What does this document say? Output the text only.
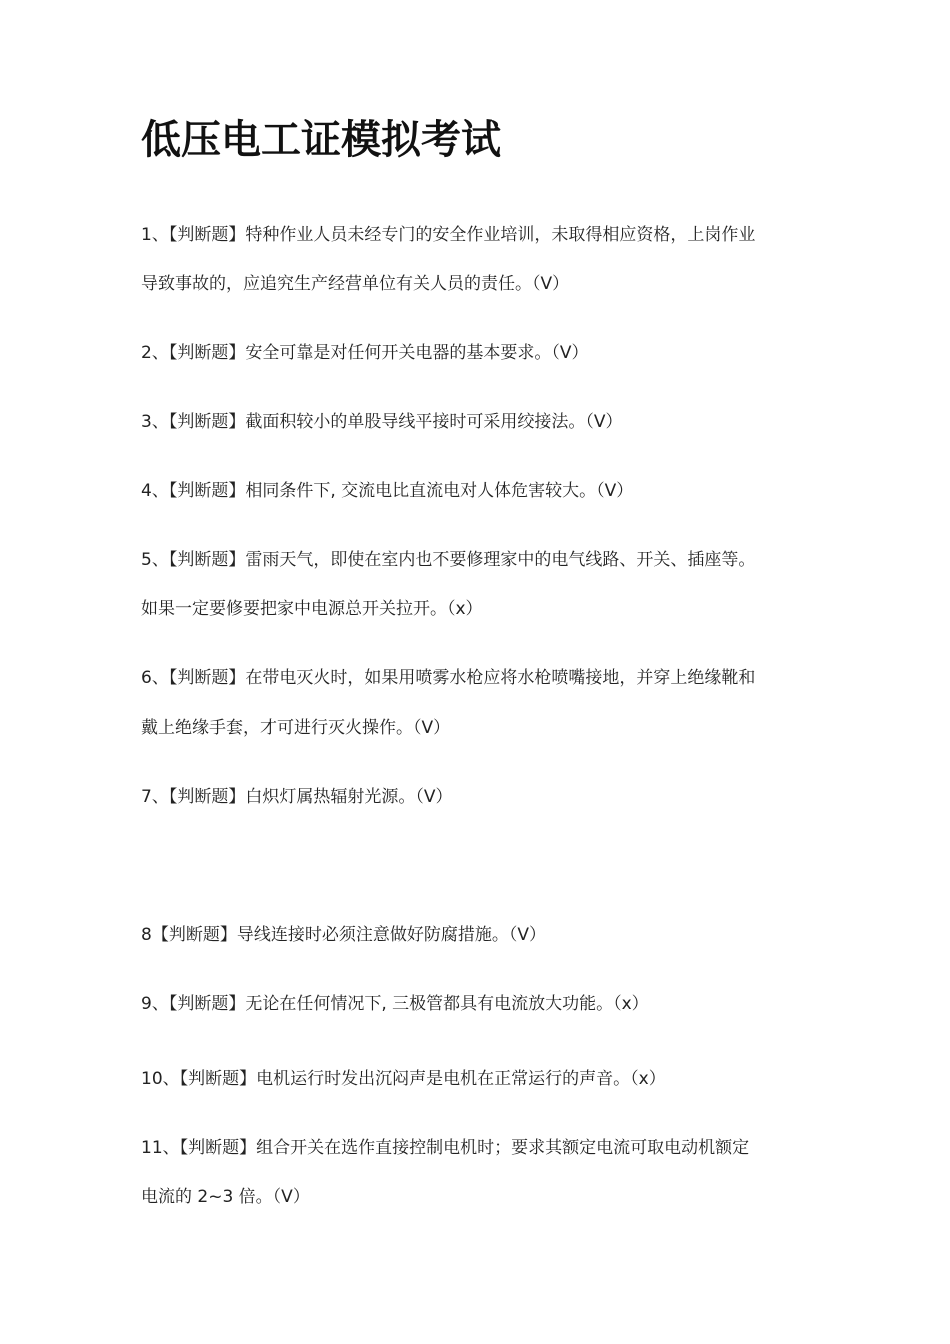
低压电工证模拟考试

1、【判断题】特种作业人员未经专门的安全作业培训，未取得相应资格，上岗作业

导致事故的，应追究生产经营单位有关人员的责任。（V）

2、【判断题】安全可靠是对任何开关电器的基本要求。（V）

3、【判断题】截面积较小的单股导线平接时可采用绞接法。（V）

4、【判断题】相同条件下, 交流电比直流电对人体危害较大。（V）

5、【判断题】雷雨天气，即使在室内也不要修理家中的电气线路、开关、插座等。

如果一定要修要把家中电源总开关拉开。（x）

6、【判断题】在带电灭火时，如果用喷雾水枪应将水枪喷嘴接地，并穿上绝缘靴和

戴上绝缘手套，才可进行灭火操作。（V）

7、【判断题】白炽灯属热辐射光源。（V）

8【判断题】导线连接时必须注意做好防腐措施。（V）

9、【判断题】无论在任何情况下, 三极管都具有电流放大功能。（x）

10、【判断题】电机运行时发出沉闷声是电机在正常运行的声音。（x）

11、【判断题】组合开关在选作直接控制电机时；要求其额定电流可取电动机额定

电流的 2~3 倍。（V）
